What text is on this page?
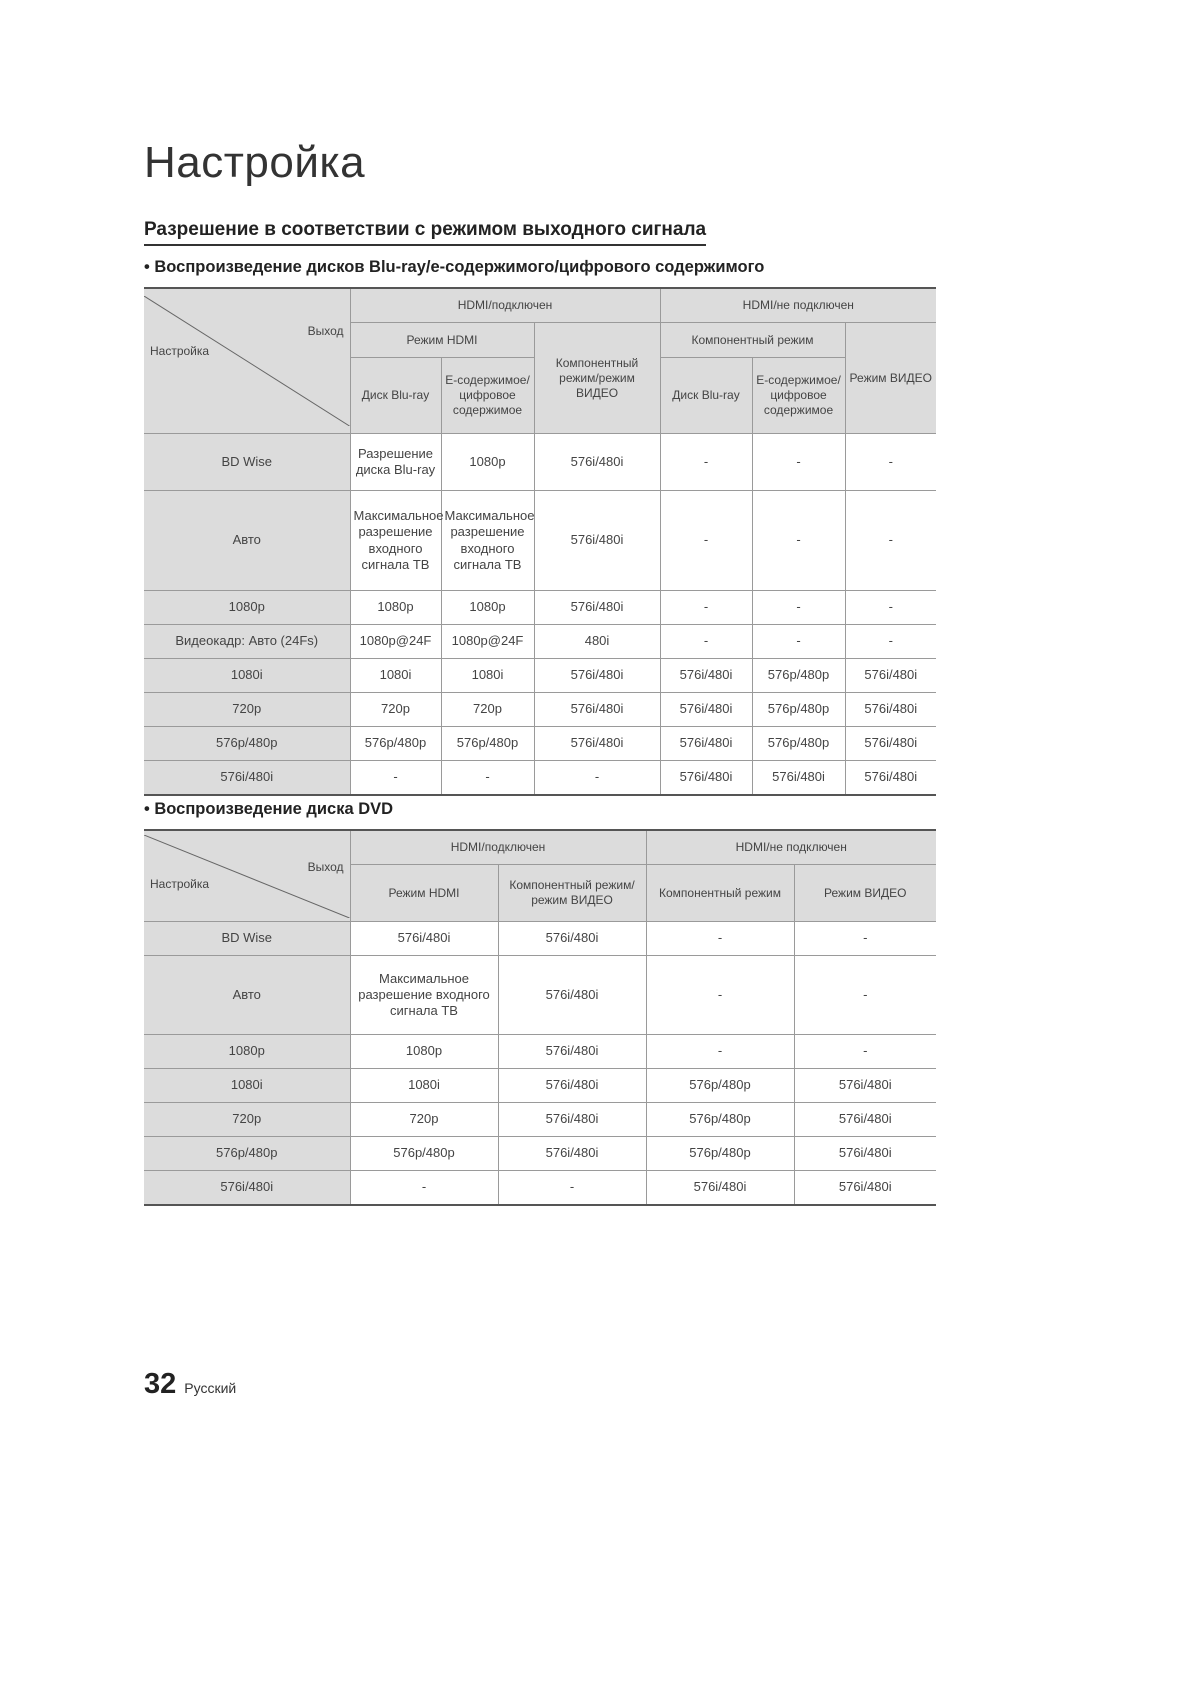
Настройка
Разрешение в соответствии с режимом выходного сигнала
• Воспроизведение дисков Blu-ray/е-содержимого/цифрового содержимого
Выход
Настройка	HDMI/подключен			HDMI/не подключен		
	Режим HDMI		Компонентный режим/режим ВИДЕО	Компонентный режим		Режим ВИДЕО
	Диск Blu-ray	Е-содержимое/ цифровое содержимое		Диск Blu-ray	Е-содержимое/ цифровое содержимое	
BD Wise	Разрешение диска Blu-ray	1080p	576i/480i	-	-	-
Авто	Максимальное разрешение входного сигнала ТВ	Максимальное разрешение входного сигнала ТВ	576i/480i	-	-	-
1080p	1080p	1080p	576i/480i	-	-	-
Видеокадр: Авто (24Fs)	1080p@24F	1080p@24F	480i	-	-	-
1080i	1080i	1080i	576i/480i	576i/480i	576p/480p	576i/480i
720p	720p	720p	576i/480i	576i/480i	576p/480p	576i/480i
576p/480p	576p/480p	576p/480p	576i/480i	576i/480i	576p/480p	576i/480i
576i/480i	-	-	-	576i/480i	576i/480i	576i/480i
• Воспроизведение диска DVD
Выход
Настройка	HDMI/подключен		HDMI/не подключен	
	Режим HDMI	Компонентный режим/ режим ВИДЕО	Компонентный режим	Режим ВИДЕО
BD Wise	576i/480i	576i/480i	-	-
Авто	Максимальное разрешение входного сигнала ТВ	576i/480i	-	-
1080p	1080p	576i/480i	-	-
1080i	1080i	576i/480i	576p/480p	576i/480i
720p	720p	576i/480i	576p/480p	576i/480i
576p/480p	576p/480p	576i/480i	576p/480p	576i/480i
576i/480i	-	-	576i/480i	576i/480i
32 Русский
